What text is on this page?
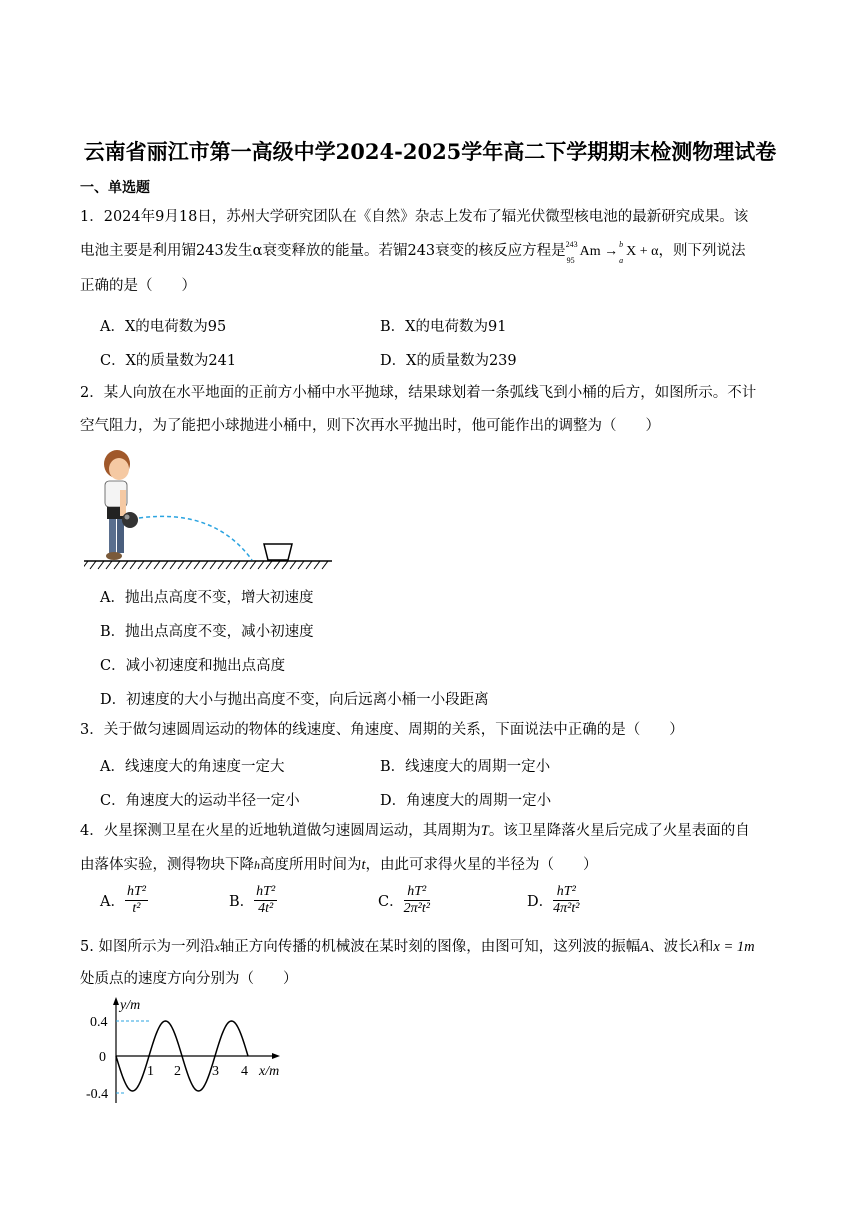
云南省丽江市第一高级中学2024-2025学年高二下学期期末检测物理试卷
一、单选题
1．2024年9月18日，苏州大学研究团队在《自然》杂志上发布了辐光伏微型核电池的最新研究成果。该
电池主要是利用镅243发生α衰变释放的能量。若镅243衰变的核反应方程是 243
95
Am → b
a
X + α，则下列说法
正确的是（　　）
A．X的电荷数为95	B．X的电荷数为91
C．X的质量数为241	D．X的质量数为239
2．某人向放在水平地面的正前方小桶中水平抛球，结果球划着一条弧线飞到小桶的后方，如图所示。不计
空气阻力，为了能把小球抛进小桶中，则下次再水平抛出时，他可能作出的调整为（　　）
A．抛出点高度不变，增大初速度
B．抛出点高度不变，减小初速度
C．减小初速度和抛出点高度
D．初速度的大小与抛出高度不变，向后远离小桶一小段距离
3．关于做匀速圆周运动的物体的线速度、角速度、周期的关系，下面说法中正确的是（　　）
A．线速度大的角速度一定大	B．线速度大的周期一定小
C．角速度大的运动半径一定小	D．角速度大的周期一定小
4．火星探测卫星在火星的近地轨道做匀速圆周运动，其周期为T。该卫星降落火星后完成了火星表面的自
由落体实验，测得物块下降h高度所用时间为t，由此可求得火星的半径为（　　）
A． $\frac{\text{hT²}}{\text{t²}}$	B． $\frac{\text{hT²}}{\text{4t²}}$	C． $\frac{\text{hT²}}{\text{2π²t²}}$	D． $\frac{\text{hT²}}{\text{4π²t²}}$
5. 如图所示为一列沿x轴正方向传播的机械波在某时刻的图像，由图可知，这列波的振幅A、波长λ和x = 1m
处质点的速度方向分别为（　　）
y/m
x/m
0.4
0
-0.4
1 2 3 4
